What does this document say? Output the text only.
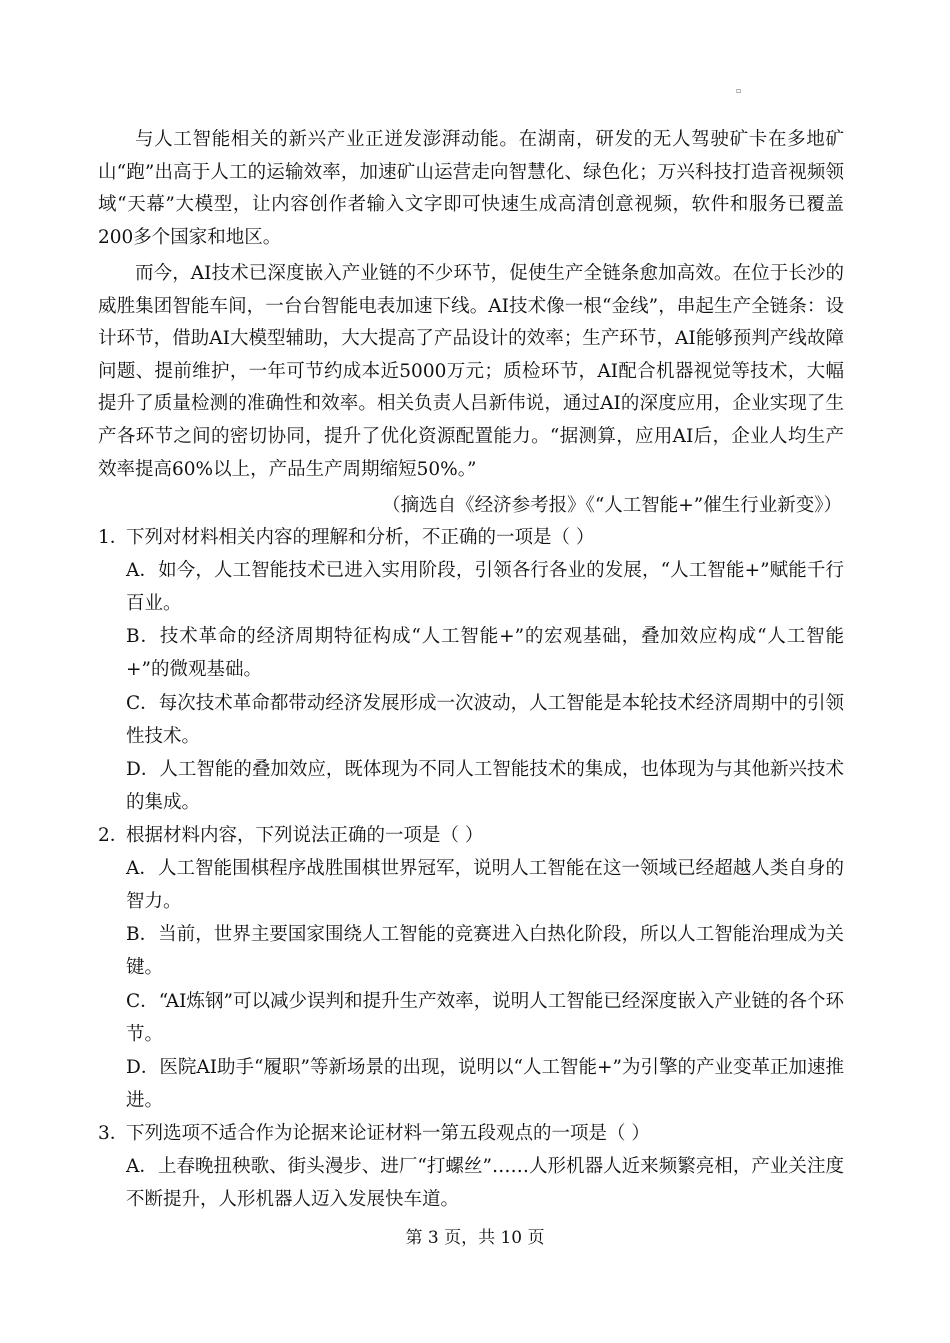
▫

与人工智能相关的新兴产业正迸发澎湃动能。在湖南，研发的无人驾驶矿卡在多地矿山“跑”出高于人工的运输效率，加速矿山运营走向智慧化、绿色化；万兴科技打造音视频领域“天幕”大模型，让内容创作者输入文字即可快速生成高清创意视频，软件和服务已覆盖200多个国家和地区。

而今，AI技术已深度嵌入产业链的不少环节，促使生产全链条愈加高效。在位于长沙的威胜集团智能车间，一台台智能电表加速下线。AI技术像一根“金线”，串起生产全链条：设计环节，借助AI大模型辅助，大大提高了产品设计的效率；生产环节，AI能够预判产线故障问题、提前维护，一年可节约成本近5000万元；质检环节，AI配合机器视觉等技术，大幅提升了质量检测的准确性和效率。相关负责人吕新伟说，通过AI的深度应用，企业实现了生产各环节之间的密切协同，提升了优化资源配置能力。“据测算，应用AI后，企业人均生产效率提高60%以上，产品生产周期缩短50%。”

（摘选自《经济参考报》《“人工智能+”催生行业新变》）

1．下列对材料相关内容的理解和分析，不正确的一项是（ ）

A．如今，人工智能技术已进入实用阶段，引领各行各业的发展，“人工智能+”赋能千行百业。

B．技术革命的经济周期特征构成“人工智能+”的宏观基础，叠加效应构成“人工智能+”的微观基础。

C．每次技术革命都带动经济发展形成一次波动，人工智能是本轮技术经济周期中的引领性技术。

D．人工智能的叠加效应，既体现为不同人工智能技术的集成，也体现为与其他新兴技术的集成。

2．根据材料内容，下列说法正确的一项是（ ）

A．人工智能围棋程序战胜围棋世界冠军，说明人工智能在这一领域已经超越人类自身的智力。

B．当前，世界主要国家围绕人工智能的竞赛进入白热化阶段，所以人工智能治理成为关键。

C．“AI炼钢”可以减少误判和提升生产效率，说明人工智能已经深度嵌入产业链的各个环节。

D．医院AI助手“履职”等新场景的出现，说明以“人工智能+”为引擎的产业变革正加速推进。

3．下列选项不适合作为论据来论证材料一第五段观点的一项是（ ）

A．上春晚扭秧歌、街头漫步、进厂“打螺丝”……人形机器人近来频繁亮相，产业关注度不断提升，人形机器人迈入发展快车道。

第 3 页，共 10 页
